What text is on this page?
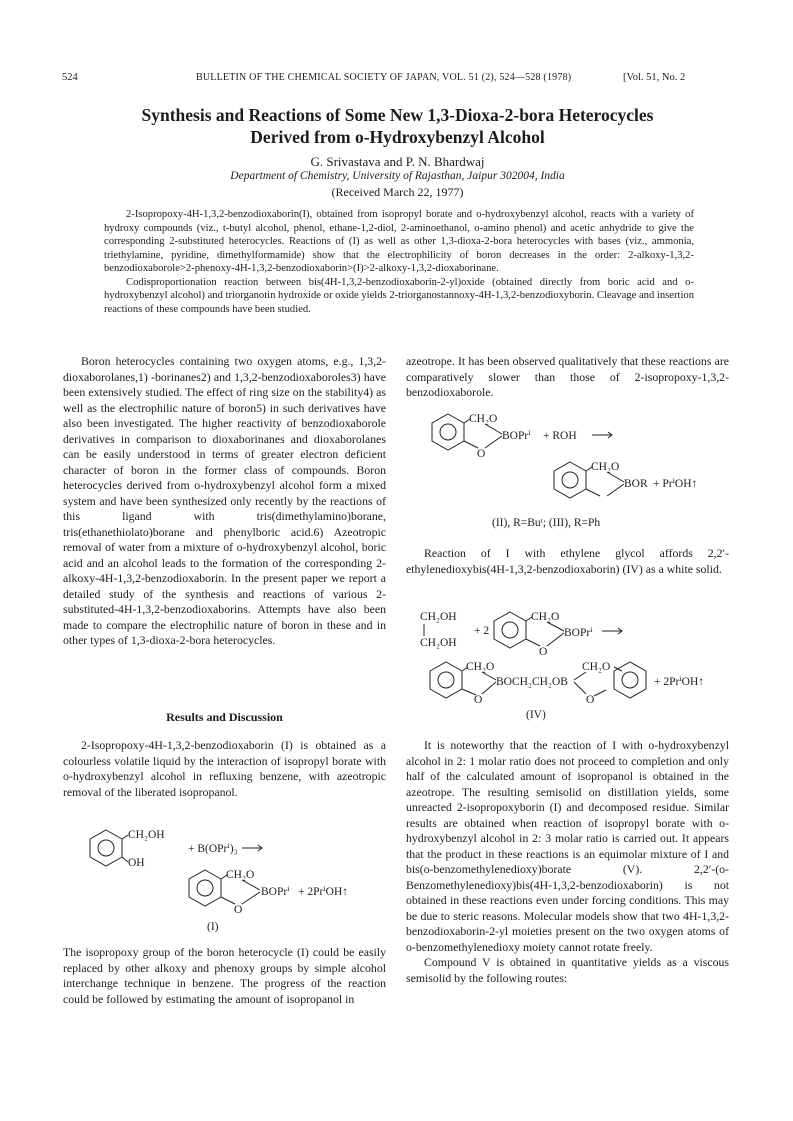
524	BULLETIN OF THE CHEMICAL SOCIETY OF JAPAN, VOL. 51 (2), 524—528 (1978)	[Vol. 51, No. 2
Synthesis and Reactions of Some New 1,3-Dioxa-2-bora Heterocycles
Derived from o-Hydroxybenzyl Alcohol
G. Srivastava and P. N. Bhardwaj
Department of Chemistry, University of Rajasthan, Jaipur 302004, India
(Received March 22, 1977)

2-Isopropoxy-4H-1,3,2-benzodioxaborin(I), obtained from isopropyl borate and o-hydroxybenzyl alcohol, reacts with a variety of hydroxy compounds (viz., t-butyl alcohol, phenol, ethane-1,2-diol, 2-aminoethanol, o-amino phenol) and acetic anhydride to give the corresponding 2-substituted heterocycles. Reactions of (I) as well as other 1,3-dioxa-2-bora heterocycles with bases (viz., ammonia, triethylamine, pyridine, dimethylformamide) show that the electrophilicity of boron decreases in the order: 2-alkoxy-1,3,2-benzodioxaborole>2-phenoxy-4H-1,3,2-benzodioxaborin>(I)>2-alkoxy-1,3,2-dioxaborinane.

Codisproportionation reaction between bis(4H-1,3,2-benzodioxaborin-2-yl)oxide (obtained directly from boric acid and o-hydroxybenzyl alcohol) and triorganotin hydroxide or oxide yields 2-triorganostannoxy-4H-1,3,2-benzodioxyborin. Cleavage and insertion reactions of these compounds have been studied.

Boron heterocycles containing two oxygen atoms, e.g., 1,3,2-dioxaborolanes,1) -borinanes2) and 1,3,2-benzodioxaboroles3) have been extensively studied. The effect of ring size on the stability4) as well as the electrophilic nature of boron5) in such derivatives have also been investigated. The higher reactivity of benzodioxaborole derivatives in comparison to dioxaborinanes and dioxaborolanes can be easily understood in terms of greater electron deficient character of boron in the former class of compounds. Boron heterocycles derived from o-hydroxybenzyl alcohol form a mixed system and have been synthesized only recently by the reactions of this ligand with tris(dimethylamino)borane, tris(ethanethiolato)borane and phenylboric acid.6) Azeotropic removal of water from a mixture of o-hydroxybenzyl alcohol, boric acid and an alcohol leads to the formation of the corresponding 2-alkoxy-4H-1,3,2-benzodioxaborin. In the present paper we report a detailed study of the synthesis and reactions of various 2-substituted-4H-1,3,2-benzodioxaborins. Attempts have also been made to compare the electrophilic nature of boron in these and in other types of 1,3-dioxa-2-bora heterocycles.

Results and Discussion

2-Isopropoxy-4H-1,3,2-benzodioxaborin (I) is obtained as a colourless volatile liquid by the interaction of isopropyl borate with o-hydroxybenzyl alcohol in refluxing benzene, with azeotropic removal of the liberated isopropanol.

CH₂OH
OH
+ B(OPrⁱ)₃
CH₂O
BOPrⁱ
O
+ 2PrⁱOH↑
(I)

The isopropoxy group of the boron heterocycle (I) could be easily replaced by other alkoxy and phenoxy groups by simple alcohol interchange technique in benzene. The progress of the reaction could be followed by estimating the amount of isopropanol in

azeotrope. It has been observed qualitatively that these reactions are comparatively slower than those of 2-isopropoxy-1,3,2-benzodioxaborole.

CH₂O
BOPrⁱ
O
+ ROH
CH₂O
BOR + PrⁱOH↑
(II), R=Buᵗ; (III), R=Ph

Reaction of I with ethylene glycol affords 2,2′-ethylenedioxybis(4H-1,3,2-benzodioxaborin) (IV) as a white solid.

CH₂OH
CH₂OH
+ 2
CH₂O
BOPrⁱ
O
CH₂O
O
BOCH₂CH₂OB
CH₂O
O
+ 2PrⁱOH↑
(IV)

It is noteworthy that the reaction of I with o-hydroxybenzyl alcohol in 2: 1 molar ratio does not proceed to completion and only half of the calculated amount of isopropanol is obtained in the azeotrope. The resulting semisolid on distillation yields, some unreacted 2-isopropoxyborin (I) and decomposed residue. Similar results are obtained when reaction of isopropyl borate with o-hydroxybenzyl alcohol in 2: 3 molar ratio is carried out. It appears that the product in these reactions is an equimolar mixture of I and bis(o-benzomethylenedioxy)borate (V). 2,2′-(o-Benzomethylenedioxy)bis(4H-1,3,2-benzodioxaborin) is not obtained in these reactions even under forcing conditions. This may be due to steric reasons. Molecular models show that two 4H-1,3,2-benzodioxaborin-2-yl moieties present on the two oxygen atoms of o-benzomethylenedioxy moiety cannot rotate freely.

Compound V is obtained in quantitative yields as a viscous semisolid by the following routes:
